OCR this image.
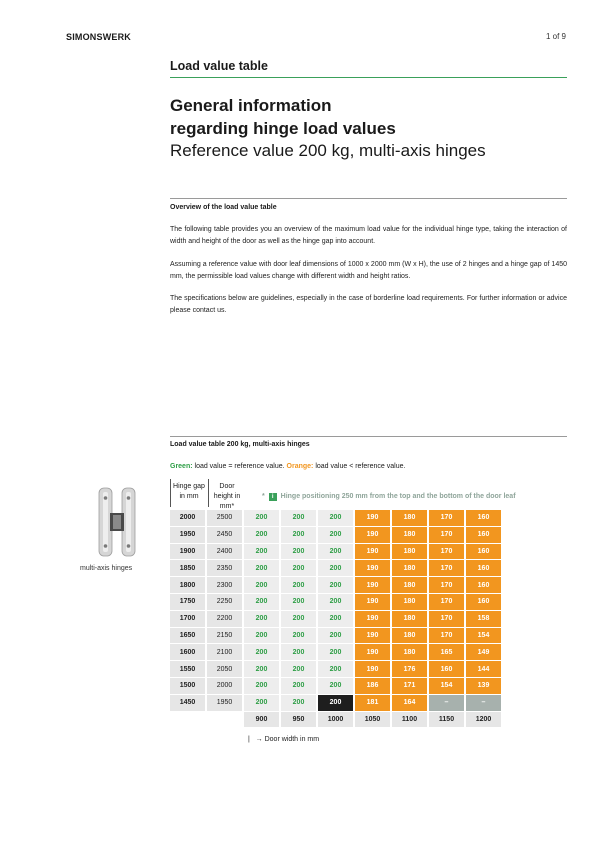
SIMONSWERK	1 of 9
Load value table
General information
regarding hinge load values
Reference value 200 kg, multi-axis hinges
Overview of the load value table
The following table provides you an overview of the maximum load value for the individual hinge type, taking the interaction of width and height of the door as well as the hinge gap into account.
Assuming a reference value with door leaf dimensions of 1000 x 2000 mm (W x H), the use of 2 hinges and a hinge gap of 1450 mm, the permissible load values change with different width and height ratios.
The specifications below are guidelines, especially in the case of borderline load requirements. For further information or advice please contact us.
Load value table 200 kg, multi-axis hinges
Green: load value = reference value. Orange: load value < reference value.
Hinge gap in mm
Door height in mm*
* i Hinge positioning 250 mm from the top and the bottom of the door leaf
multi-axis hinges
2000	2500	200	200	200	190	180	170	160
1950	2450	200	200	200	190	180	170	160
1900	2400	200	200	200	190	180	170	160
1850	2350	200	200	200	190	180	170	160
1800	2300	200	200	200	190	180	170	160
1750	2250	200	200	200	190	180	170	160
1700	2200	200	200	200	190	180	170	158
1650	2150	200	200	200	190	180	170	154
1600	2100	200	200	200	190	180	165	149
1550	2050	200	200	200	190	176	160	144
1500	2000	200	200	200	186	171	154	139
1450	1950	200	200	200	181	164	–	–
		900	950	1000	1050	1100	1150	1200
|   → Door width in mm
